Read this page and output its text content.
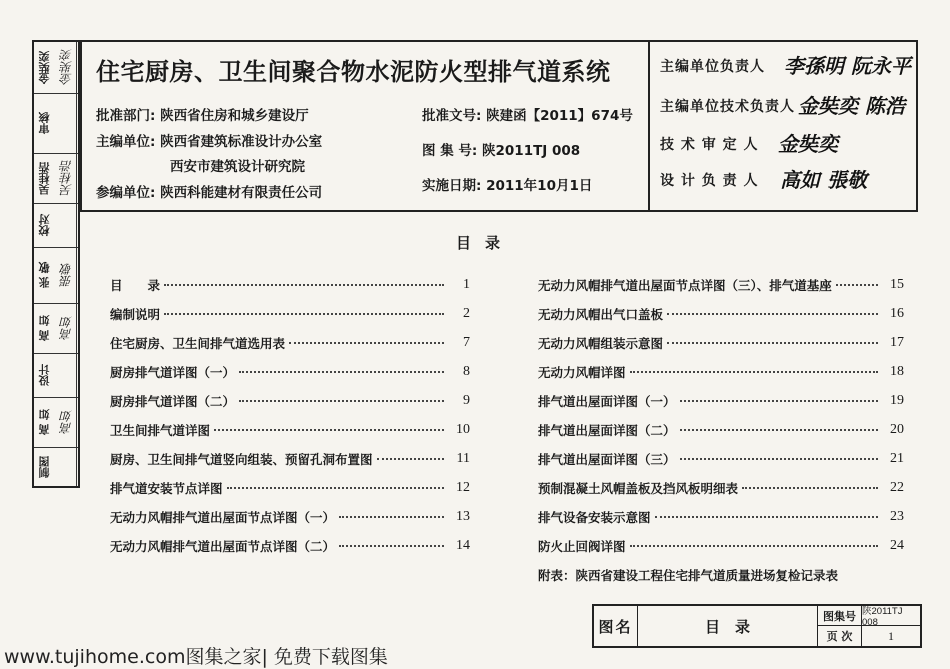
金奘奕 金奘奕
审核
吴桂浩 吴桂浩
校对
张 敬 張敬
高 如 高如
设计
高 如 高如
制图
住宅厨房、卫生间聚合物水泥防火型排气道系统
批准部门: 陕西省住房和城乡建设厅
主编单位: 陕西省建筑标准设计办公室
西安市建筑设计研究院
参编单位: 陕西科能建材有限责任公司
批准文号: 陕建函【2011】674号
图 集 号: 陕2011TJ 008
实施日期: 2011年10月1日
主编单位负责人 李孫明 阮永平
主编单位技术负责人 金奘奕 陈浩
技 术 审 定 人 金奘奕
设 计 负 责 人 高如 張敬
目录
目　　录	1
编制说明	2
住宅厨房、卫生间排气道选用表	7
厨房排气道详图（一）	8
厨房排气道详图（二）	9
卫生间排气道详图	10
厨房、卫生间排气道竖向组装、预留孔洞布置图	11
排气道安装节点详图	12
无动力风帽排气道出屋面节点详图（一）	13
无动力风帽排气道出屋面节点详图（二）	14
无动力风帽排气道出屋面节点详图（三）、排气道基座	15
无动力风帽出气口盖板	16
无动力风帽组装示意图	17
无动力风帽详图	18
排气道出屋面详图（一）	19
排气道出屋面详图（二）	20
排气道出屋面详图（三）	21
预制混凝土风帽盖板及挡风板明细表	22
排气设备安装示意图	23
防火止回阀详图	24
附表：陕西省建设工程住宅排气道质量进场复检记录表
图名	目　录
图集号 陕2011TJ 008
页 次	1
www.tujihome.com图集之家| 免费下载图集
